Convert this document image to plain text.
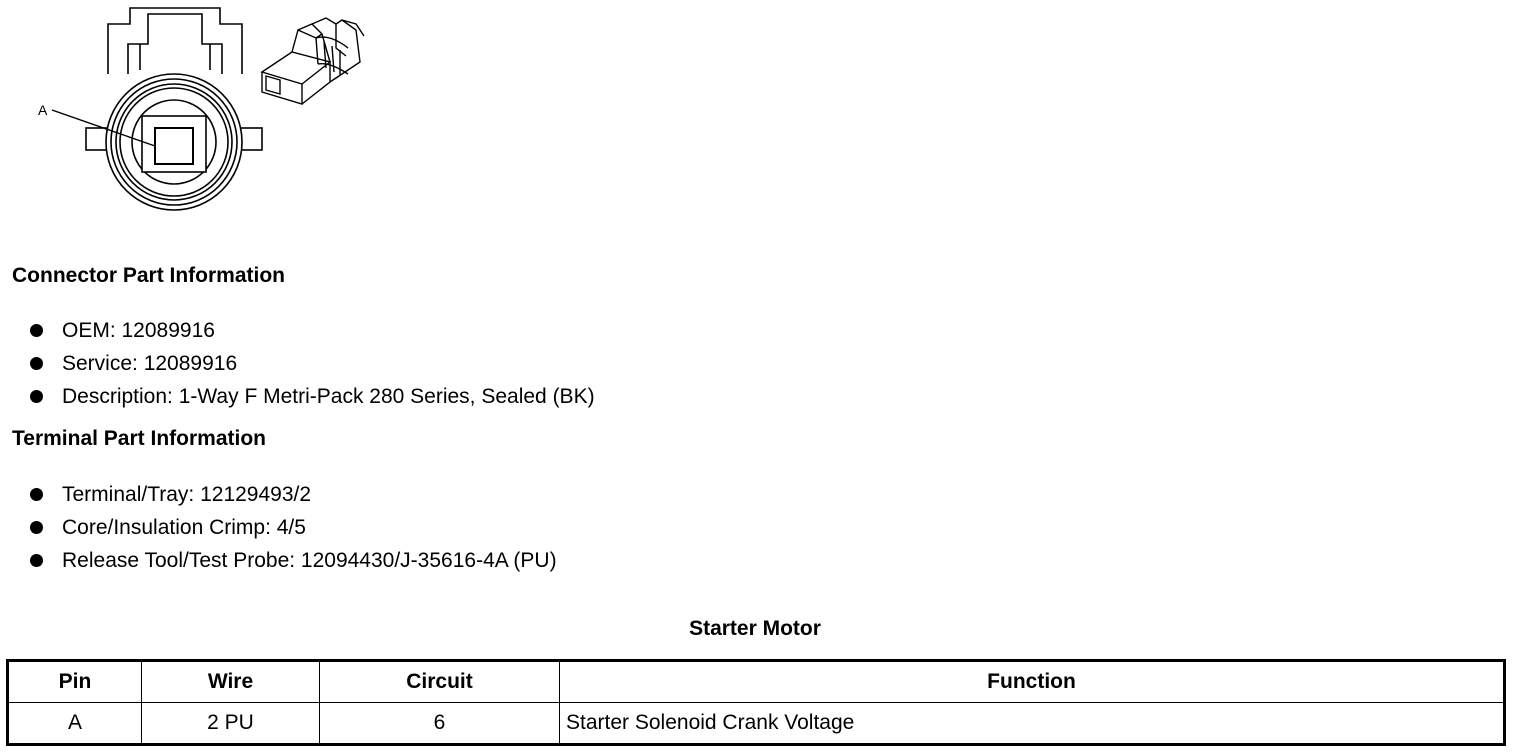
A
Connector Part Information
OEM: 12089916
Service: 12089916
Description: 1-Way F Metri-Pack 280 Series, Sealed (BK)
Terminal Part Information
Terminal/Tray: 12129493/2
Core/Insulation Crimp: 4/5
Release Tool/Test Probe: 12094430/J-35616-4A (PU)
Starter Motor
Pin	Wire	Circuit	Function
A	2 PU	6	Starter Solenoid Crank Voltage
